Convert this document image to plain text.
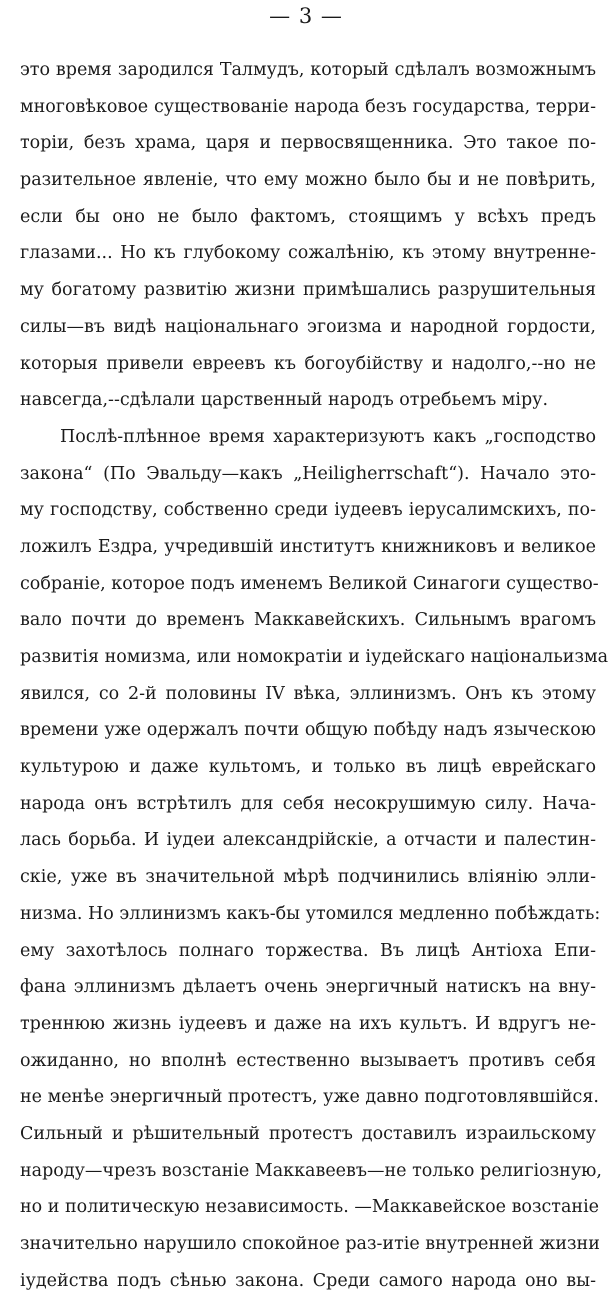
— 3 —
это время зародился Талмудъ, который сдѣлалъ возможнымъ
многовѣковое существованіе народа безъ государства, терри-
торіи, безъ храма, царя и первосвященника. Это такое по-
разительное явленіе, что ему можно было бы и не повѣрить,
если бы оно не было фактомъ, стоящимъ у всѣхъ предъ
глазами... Но къ глубокому сожалѣнію, къ этому внутренне-
му богатому развитію жизни примѣшались разрушительныя
силы—въ видѣ національнаго эгоизма и народной гордости,
которыя привели евреевъ къ богоубійству и надолго,--но не
навсегда,--сдѣлали царственный народъ отребьемъ міру.
Послѣ-плѣнное время характеризуютъ какъ „господство
закона“ (По Эвальду—какъ „Heiligherrschaft“). Начало это-
му господству, собственно среди іудеевъ іерусалимскихъ, по-
ложилъ Ездра, учредившій институтъ книжниковъ и великое
собраніе, которое подъ именемъ Великой Синагоги существо-
вало почти до временъ Маккавейскихъ. Сильнымъ врагомъ
развитія номизма, или номократіи и іудейскаго національизма
явился, со 2-й половины IV вѣка, эллинизмъ. Онъ къ этому
времени уже одержалъ почти общую побѣду надъ языческою
культурою и даже культомъ, и только въ лицѣ еврейскаго
народа онъ встрѣтилъ для себя несокрушимую силу. Нача-
лась борьба. И іудеи александрійскіе, а отчасти и палестин-
скіе, уже въ значительной мѣрѣ подчинились вліянію элли-
низма. Но эллинизмъ какъ-бы утомился медленно побѣждать:
ему захотѣлось полнаго торжества. Въ лицѣ Антіоха Епи-
фана эллинизмъ дѣлаетъ очень энергичный натискъ на вну-
треннюю жизнь іудеевъ и даже на ихъ культъ. И вдругъ не-
ожиданно, но вполнѣ естественно вызываетъ противъ себя
не менѣе энергичный протестъ, уже давно подготовлявшійся.
Сильный и рѣшительный протестъ доставилъ израильскому
народу—чрезъ возстаніе Маккавеевъ—не только религіозную,
но и политическую независимость. —Маккавейское возстаніе
значительно нарушило спокойное раз-итіе внутренней жизни
іудейства подъ сѣнью закона. Среди самого народа оно вы-
